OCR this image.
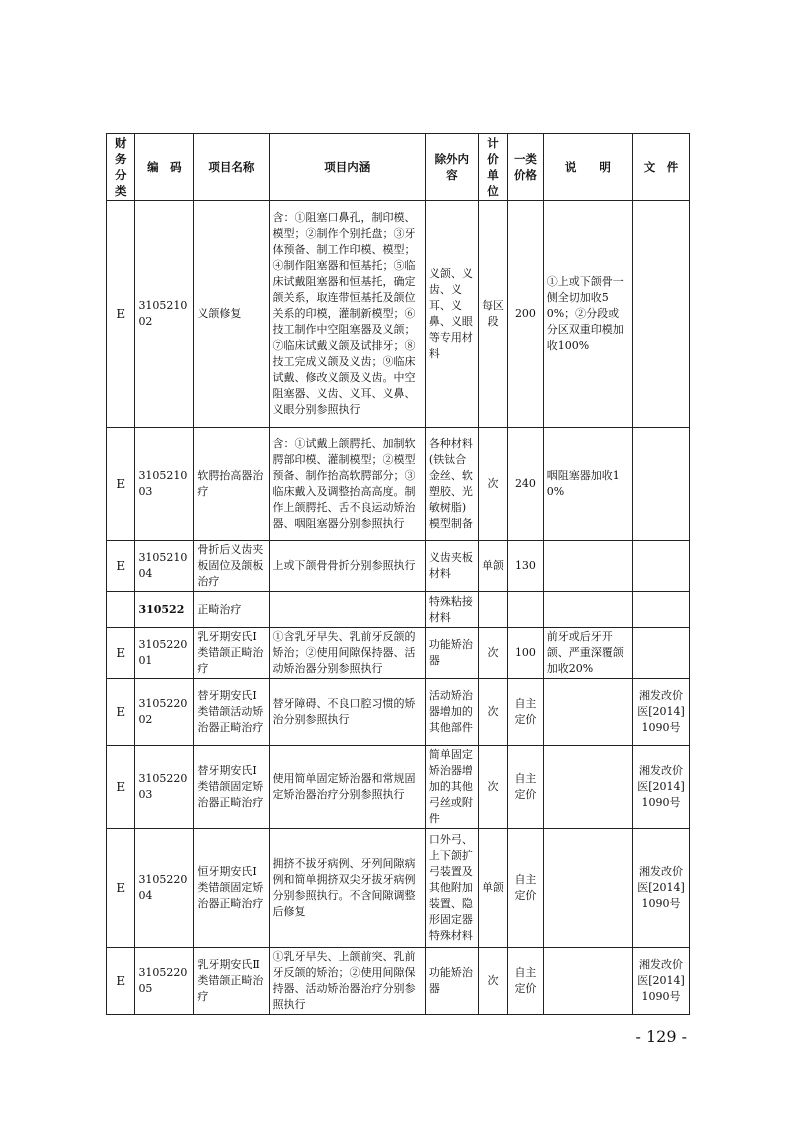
财务分类	编　码	项目名称	项目内涵	除外内容	计价单位	一类价格	说　　明	文　件
E	310521002	义颌修复	含：①阻塞口鼻孔，制印模、模型；②制作个别托盘；③牙体预备、制工作印模、模型；④制作阻塞器和恒基托；⑤临床试戴阻塞器和恒基托，确定颌关系，取连带恒基托及颌位关系的印模，灌制新模型；⑥技工制作中空阻塞器及义颌；⑦临床试戴义颌及试排牙；⑧技工完成义颌及义齿；⑨临床试戴、修改义颌及义齿。中空阻塞器、义齿、义耳、义鼻、义眼分别参照执行	义颌、义齿、义耳、义鼻、义眼等专用材料	每区段	200	①上或下颌骨一侧全切加收50%；②分段或分区双重印模加收100%	
E	310521003	软腭抬高器治疗	含：①试戴上颌腭托、加制软腭部印模、灌制模型；②模型预备、制作抬高软腭部分；③临床戴入及调整抬高高度。制作上颌腭托、舌不良运动矫治器、咽阻塞器分别参照执行	各种材料(铁钛合金丝、软塑胶、光敏树脂)模型制备	次	240	咽阻塞器加收10%	
E	310521004	骨折后义齿夹板固位及颌板治疗	上或下颌骨骨折分别参照执行	义齿夹板材料	单颌	130		
	310522	正畸治疗		特殊粘接材料				
E	310522001	乳牙期安氏Ⅰ类错颌正畸治疗	①含乳牙早失、乳前牙反颌的矫治；②使用间隙保持器、活动矫治器分别参照执行	功能矫治器	次	100	前牙或后牙开颌、严重深覆颌加收20%	
E	310522002	替牙期安氏Ⅰ类错颌活动矫治器正畸治疗	替牙障碍、不良口腔习惯的矫治分别参照执行	活动矫治器增加的其他部件	次	自主定价		湘发改价医[2014]1090号
E	310522003	替牙期安氏Ⅰ类错颌固定矫治器正畸治疗	使用简单固定矫治器和常规固定矫治器治疗分别参照执行	简单固定矫治器增加的其他弓丝或附件	次	自主定价		湘发改价医[2014]1090号
E	310522004	恒牙期安氏Ⅰ类错颌固定矫治器正畸治疗	拥挤不拔牙病例、牙列间隙病例和简单拥挤双尖牙拔牙病例分别参照执行。不含间隙调整后修复	口外弓、上下颌扩弓装置及其他附加装置、隐形固定器特殊材料	单颌	自主定价		湘发改价医[2014]1090号
E	310522005	乳牙期安氏Ⅱ类错颌正畸治疗	①乳牙早失、上颌前突、乳前牙反颌的矫治；②使用间隙保持器、活动矫治器治疗分别参照执行	功能矫治器	次	自主定价		湘发改价医[2014]1090号
- 129 -
